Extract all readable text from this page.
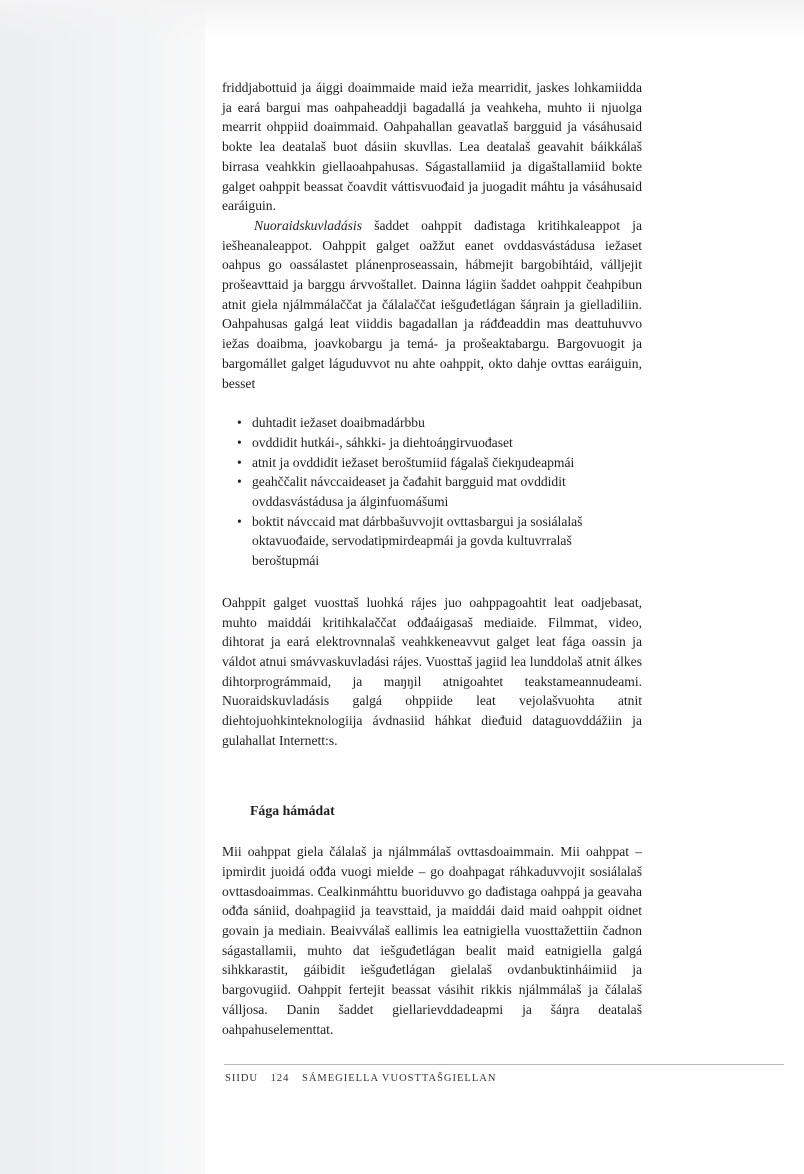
friddjabottuid ja áiggi doaimmaide maid ieža mearridit, jaskes lohkamiidda ja eará bargui mas oahpaheaddji bagadallá ja veahkeha, muhto ii njuolga mearrit ohppiid doaimmaid. Oahpahallan geavatlaš bargguid ja vásáhusaid bokte lea deatalaš buot dásiin skuvllas. Lea deatalaš geavahit báikkálaš birrasa veahkkin giellaoahpahusas. Ságastallamiid ja digaštallamiid bokte galget oahppit beassat čoavdit váttisvuođaid ja juogadit máhtu ja vásáhusaid earáiguin.

Nuoraidskuvladásis šaddet oahppit dađistaga kritihkaleappot ja iešheanaleappot. Oahppit galget oažžut eanet ovddasvástádusa iežaset oahpus go oassálastet plánenproseassain, hábmejit bargobihtáid, válljejit prošeavttaid ja barggu árvvoštallet. Dainna lágiin šaddet oahppit čeahpibun atnit giela njálmmálaččat ja čálalaččat iešguđetlágan šáŋrain ja gielladiliin. Oahpahusas galgá leat viiddis bagadallan ja ráđđeaddin mas deattuhuvvo iežas doaibma, joavkobargu ja temá- ja prošeaktabargu. Bargovuogit ja bargomállet galget láguduvvot nu ahte oahppit, okto dahje ovttas earáiguin, besset

• duhtadit iežaset doaibmadárbbu
• ovddidit hutkái-, sáhkki- ja diehtoáŋgirvuođaset
• atnit ja ovddidit iežaset beroštumiid fágalaš čiekŋudeapmái
• geahččalit návccaideaset ja čađahit bargguid mat ovddidit ovddasvástádusa ja álginfuomášumi
• boktit návccaid mat dárbbašuvvojit ovttasbargui ja sosiálalaš oktavuođaide, servodatipmirdeapmái ja govda kultuvrralaš beroštupmái

Oahppit galget vuosttaš luohká rájes juo oahppagoahtit leat oadjebasat, muhto maiddái kritihkalaččat ođđaáigasaš mediaide. Filmmat, video, dihtorat ja eará elektrovnnalaš veahkkeneavvut galget leat fága oassin ja váldot atnui smávvaskuvladási rájes. Vuosttaš jagiid lea lunddolaš atnit álkes dihtorprográmmaid, ja maŋŋil atnigoahtet teakstameannudeami. Nuoraidskuvladásis galgá ohppiide leat vejolašvuohta atnit diehtojuohkinteknologiija ávdnasiid háhkat dieđuid dataguovddážiin ja gulahallat Internett:s.

Fága hámádat

Mii oahppat giela čálalaš ja njálmmálaš ovttasdoaimmain. Mii oahppat – ipmirdit juoidá ođđa vuogi mielde – go doahpagat ráhkaduvvojit sosiálalaš ovttasdoaimmas. Cealkinmáhttu buoriduvvo go dađistaga oahppá ja geavaha ođđa sániid, doahpagiid ja teavsttaid, ja maiddái daid maid oahppit oidnet govain ja mediain. Beaivválaš eallimis lea eatnigiella vuosttažettiin čadnon ságastallamii, muhto dat iešguđetlágan bealit maid eatnigiella galgá sihkkarastit, gáibidit iešguđetlágan gielalaš ovdanbuktinháimiid ja bargovugiid. Oahppit fertejit beassat vásihit rikkis njálmmálaš ja čálalaš válljosa. Danin šaddet giellarievddadeapmi ja šáŋra deatalaš oahpahuselementtat.

SIIDU 124 SÁMEGIELLA VUOSTTAŠGIELLAN
